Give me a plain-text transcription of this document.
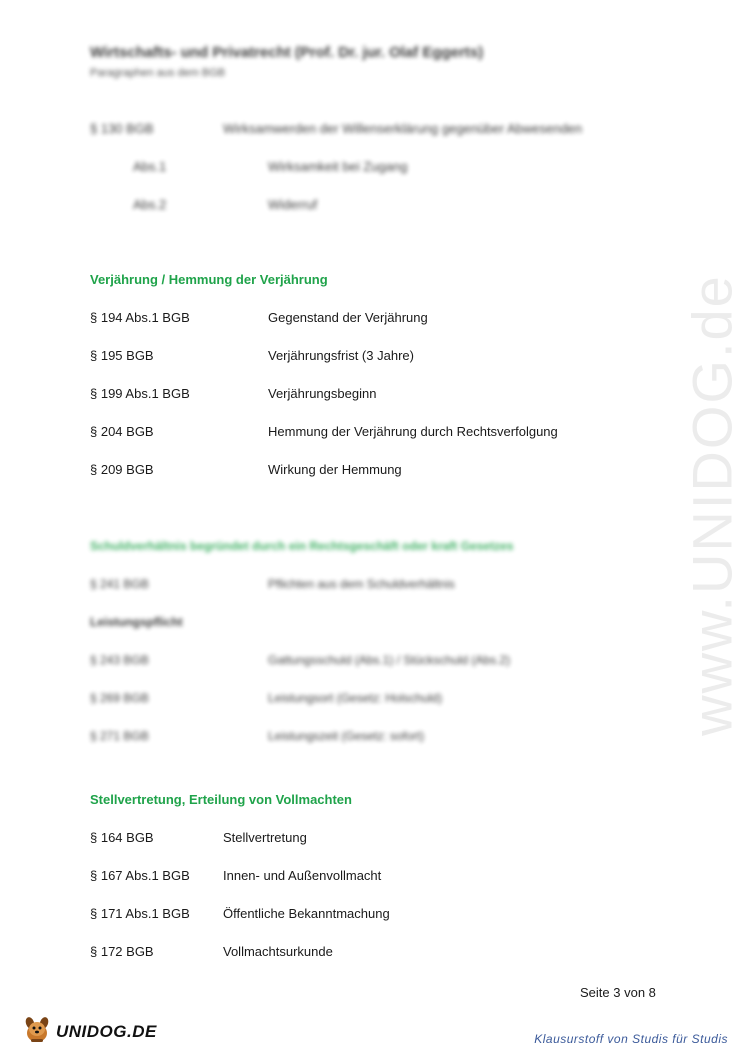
www.UNIDOG.de
Wirtschafts- und Privatrecht (Prof. Dr. jur. Olaf Eggerts)
Paragraphen aus dem BGB
§ 130 BGB	Wirksamwerden der Willenserklärung gegenüber Abwesenden
Abs.1	Wirksamkeit bei Zugang
Abs.2	Widerruf
Verjährung / Hemmung der Verjährung
§ 194 Abs.1 BGB	Gegenstand der Verjährung
§ 195 BGB	Verjährungsfrist (3 Jahre)
§ 199 Abs.1 BGB	Verjährungsbeginn
§ 204 BGB	Hemmung der Verjährung durch Rechtsverfolgung
§ 209 BGB	Wirkung der Hemmung
Schuldverhältnis begründet durch ein Rechtsgeschäft oder kraft Gesetzes
§ 241 BGB	Pflichten aus dem Schuldverhältnis
Leistungspflicht
§ 243 BGB	Gattungsschuld (Abs.1) / Stückschuld (Abs.2)
§ 269 BGB	Leistungsort (Gesetz: Holschuld)
§ 271 BGB	Leistungszeit (Gesetz: sofort)
Stellvertretung, Erteilung von Vollmachten
§ 164 BGB	Stellvertretung
§ 167 Abs.1 BGB	Innen- und Außenvollmacht
§ 171 Abs.1 BGB	Öffentliche Bekanntmachung
§ 172 BGB	Vollmachtsurkunde
Seite 3 von 8
UNIDOG.DE	Klausurstoff von Studis für Studis
